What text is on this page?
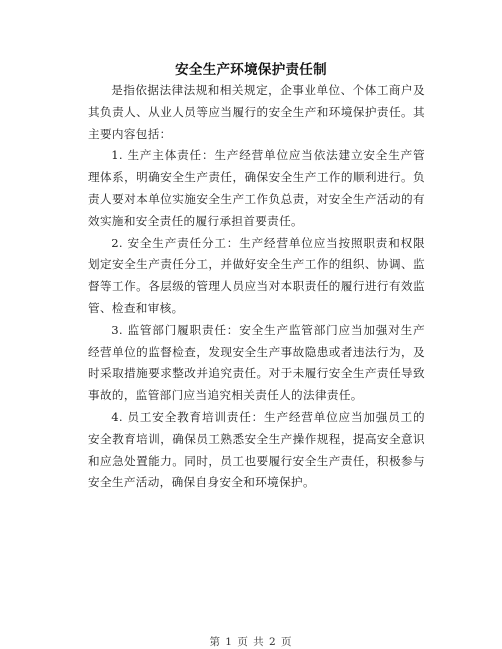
安全生产环境保护责任制

是指依据法律法规和相关规定，企事业单位、个体工商户及其负责人、从业人员等应当履行的安全生产和环境保护责任。其主要内容包括：

1. 生产主体责任：生产经营单位应当依法建立安全生产管理体系，明确安全生产责任，确保安全生产工作的顺利进行。负责人要对本单位实施安全生产工作负总责，对安全生产活动的有效实施和安全责任的履行承担首要责任。

2. 安全生产责任分工：生产经营单位应当按照职责和权限划定安全生产责任分工，并做好安全生产工作的组织、协调、监督等工作。各层级的管理人员应当对本职责任的履行进行有效监管、检查和审核。

3. 监管部门履职责任：安全生产监管部门应当加强对生产经营单位的监督检查，发现安全生产事故隐患或者违法行为，及时采取措施要求整改并追究责任。对于未履行安全生产责任导致事故的，监管部门应当追究相关责任人的法律责任。

4. 员工安全教育培训责任：生产经营单位应当加强员工的安全教育培训，确保员工熟悉安全生产操作规程，提高安全意识和应急处置能力。同时，员工也要履行安全生产责任，积极参与安全生产活动，确保自身安全和环境保护。

第 1 页 共 2 页
